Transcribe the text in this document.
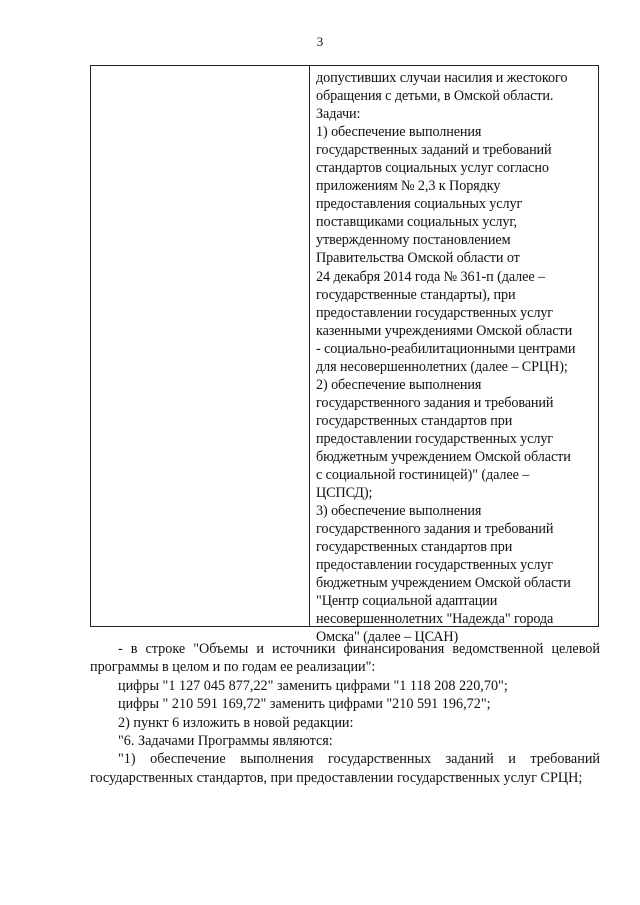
3
допустивших случаи насилия и жестокого
обращения с детьми, в Омской области.
Задачи:
1) обеспечение выполнения
государственных заданий и требований
стандартов социальных услуг согласно
приложениям № 2,3 к Порядку
предоставления социальных услуг
поставщиками социальных услуг,
утвержденному постановлением
Правительства Омской области от
24 декабря 2014 года № 361-п (далее –
государственные стандарты), при
предоставлении государственных услуг
казенными учреждениями Омской области
- социально-реабилитационными центрами
для несовершеннолетних (далее – СРЦН);
2) обеспечение выполнения
государственного задания и требований
государственных стандартов при
предоставлении государственных услуг
бюджетным учреждением Омской области
с социальной гостиницей)" (далее –
ЦСПСД);
3) обеспечение выполнения
государственного задания и требований
государственных стандартов при
предоставлении государственных услуг
бюджетным учреждением Омской области
"Центр социальной адаптации
несовершеннолетних "Надежда" города
Омска" (далее – ЦСАН)

- в строке "Объемы и источники финансирования ведомственной целевой программы в целом и по годам ее реализации":

цифры "1 127 045 877,22" заменить цифрами "1 118 208 220,70";

цифры " 210 591 169,72" заменить цифрами "210 591 196,72";

2) пункт 6 изложить в новой редакции:

"6. Задачами Программы являются:

"1) обеспечение выполнения государственных заданий и требований государственных стандартов, при предоставлении государственных услуг СРЦН;
